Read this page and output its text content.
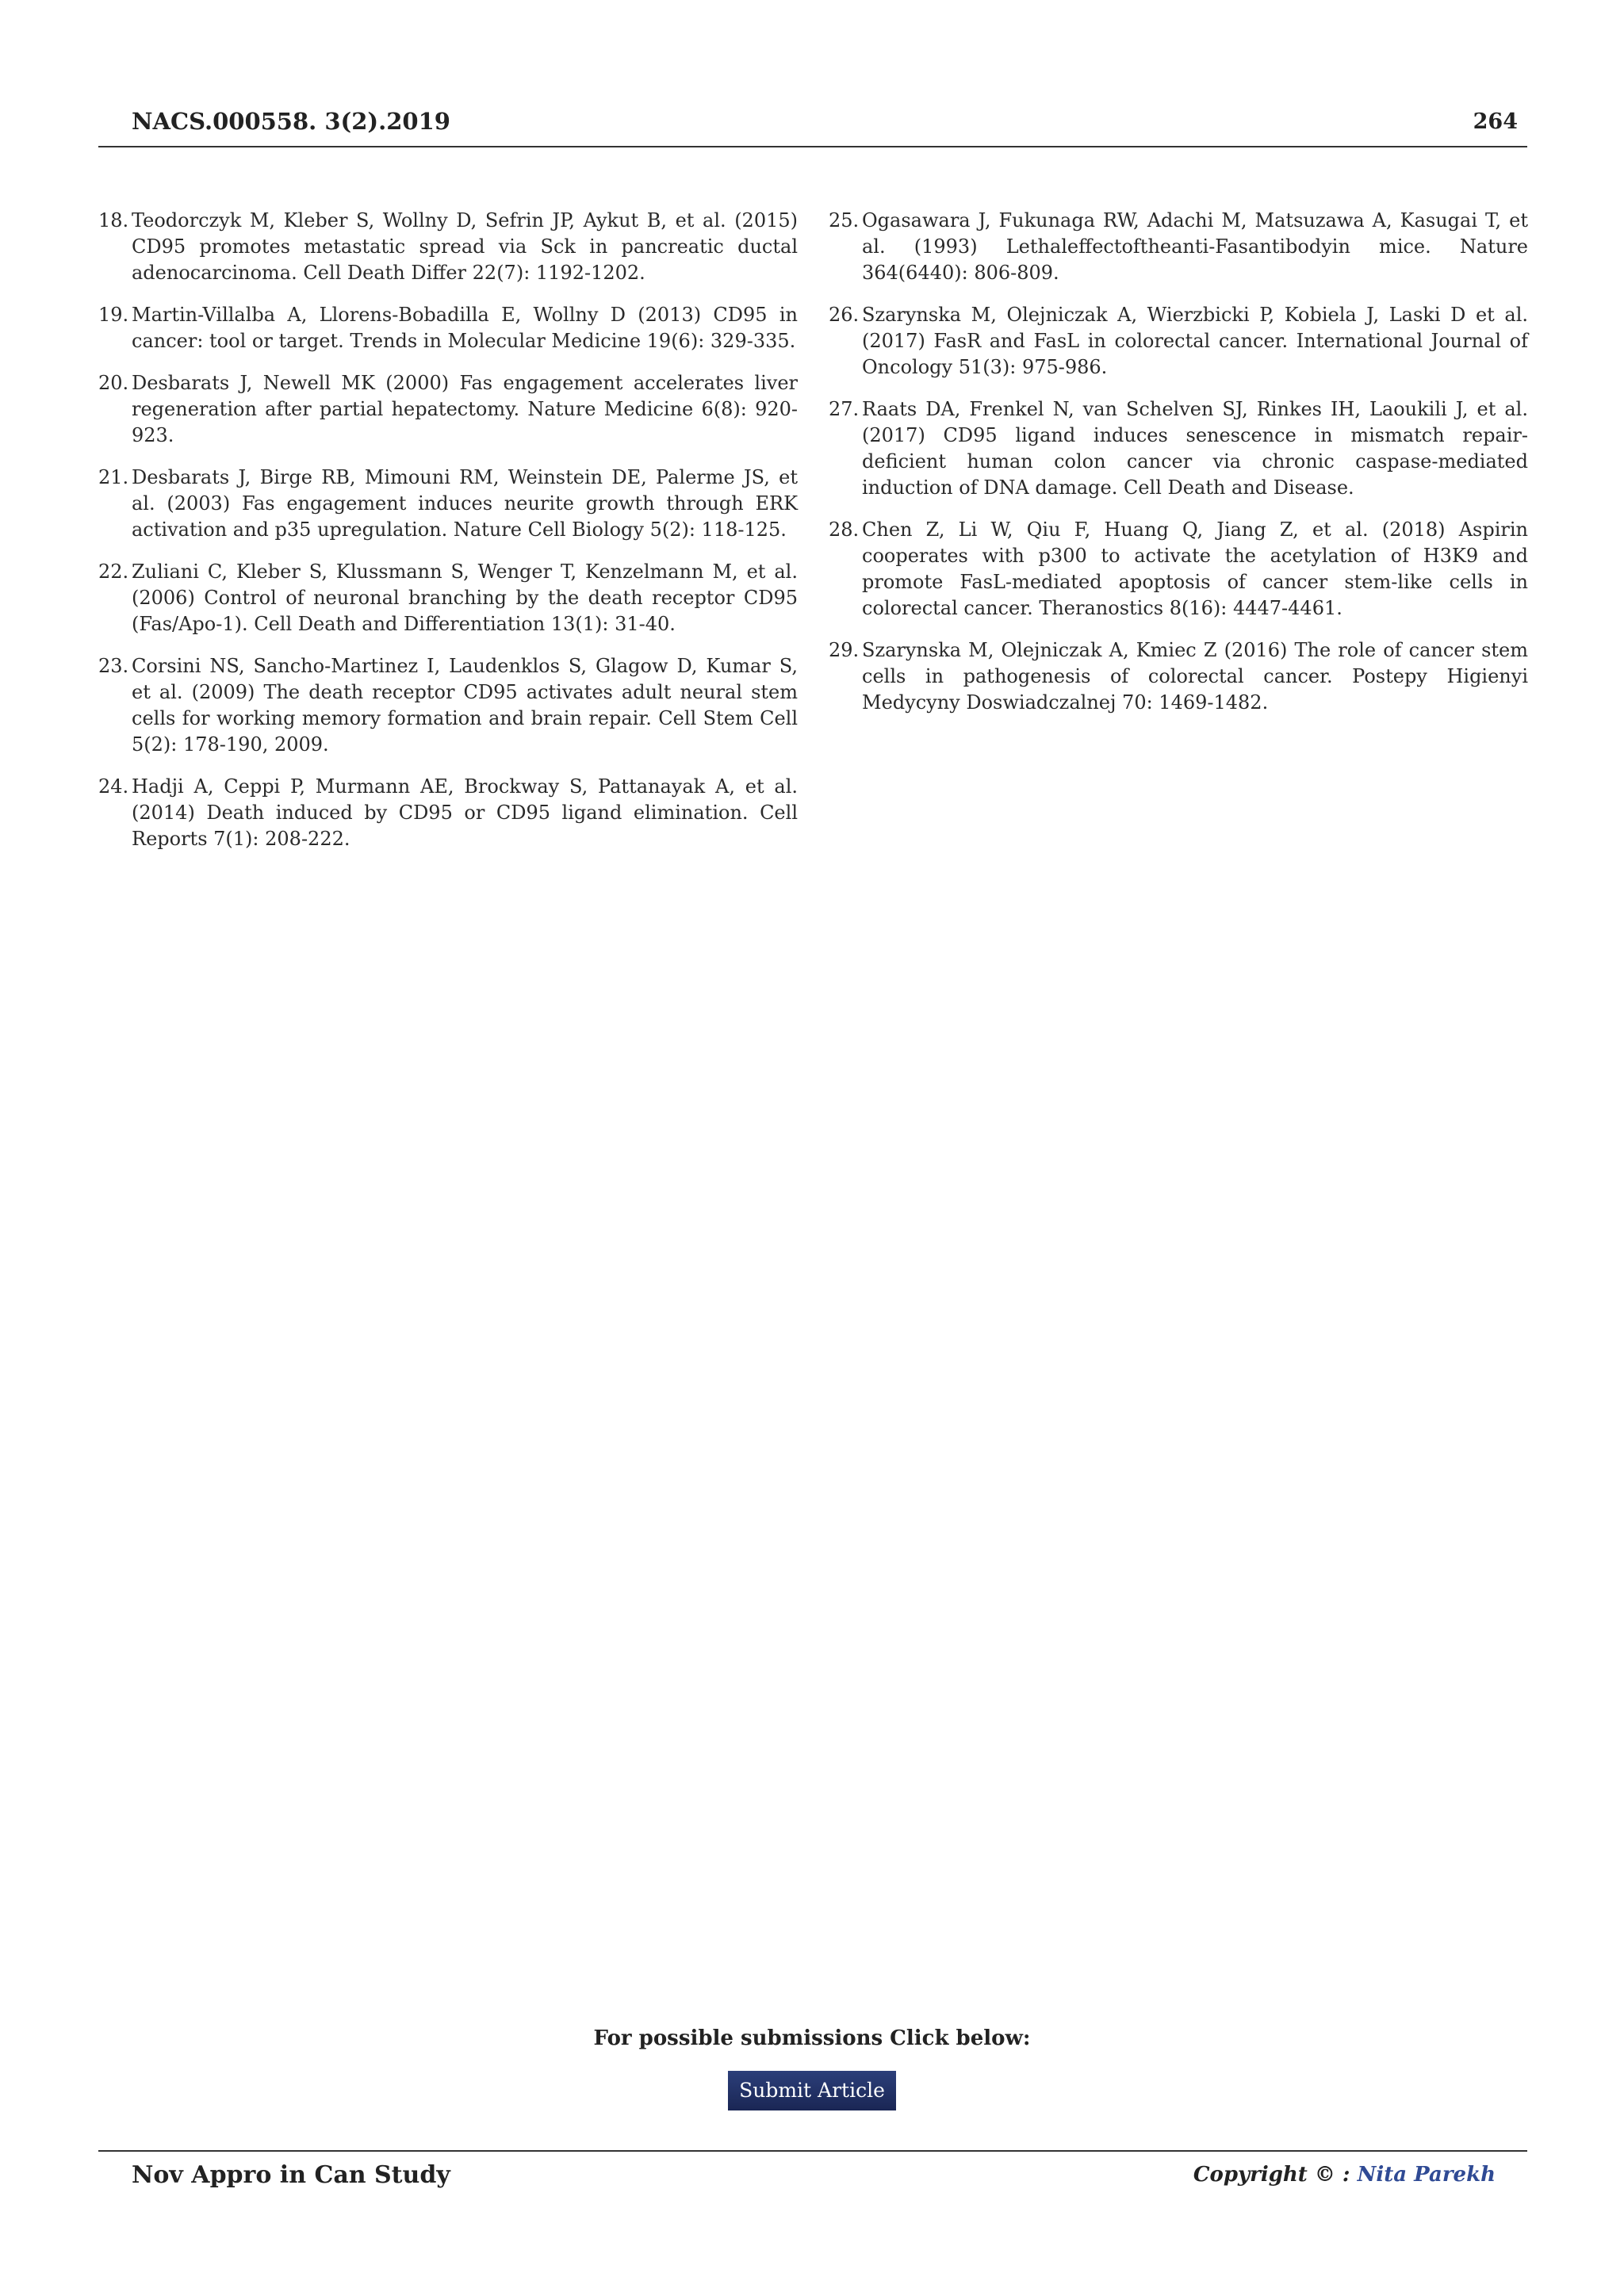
NACS.000558. 3(2).2019	264
18. Teodorczyk M, Kleber S, Wollny D, Sefrin JP, Aykut B, et al. (2015) CD95 promotes metastatic spread via Sck in pancreatic ductal adenocarcinoma. Cell Death Differ 22(7): 1192-1202.
19. Martin-Villalba A, Llorens-Bobadilla E, Wollny D (2013) CD95 in cancer: tool or target. Trends in Molecular Medicine 19(6): 329-335.
20. Desbarats J, Newell MK (2000) Fas engagement accelerates liver regeneration after partial hepatectomy. Nature Medicine 6(8): 920-923.
21. Desbarats J, Birge RB, Mimouni RM, Weinstein DE, Palerme JS, et al. (2003) Fas engagement induces neurite growth through ERK activation and p35 upregulation. Nature Cell Biology 5(2): 118-125.
22. Zuliani C, Kleber S, Klussmann S, Wenger T, Kenzelmann M, et al. (2006) Control of neuronal branching by the death receptor CD95 (Fas/Apo-1). Cell Death and Differentiation 13(1): 31-40.
23. Corsini NS, Sancho-Martinez I, Laudenklos S, Glagow D, Kumar S, et al. (2009) The death receptor CD95 activates adult neural stem cells for working memory formation and brain repair. Cell Stem Cell 5(2): 178-190, 2009.
24. Hadji A, Ceppi P, Murmann AE, Brockway S, Pattanayak A, et al. (2014) Death induced by CD95 or CD95 ligand elimination. Cell Reports 7(1): 208-222.
25. Ogasawara J, Fukunaga RW, Adachi M, Matsuzawa A, Kasugai T, et al. (1993) Lethaleffectoftheanti-Fasantibodyin mice. Nature 364(6440): 806-809.
26. Szarynska M, Olejniczak A, Wierzbicki P, Kobiela J, Laski D et al. (2017) FasR and FasL in colorectal cancer. International Journal of Oncology 51(3): 975-986.
27. Raats DA, Frenkel N, van Schelven SJ, Rinkes IH, Laoukili J, et al. (2017) CD95 ligand induces senescence in mismatch repair-deficient human colon cancer via chronic caspase-mediated induction of DNA damage. Cell Death and Disease.
28. Chen Z, Li W, Qiu F, Huang Q, Jiang Z, et al. (2018) Aspirin cooperates with p300 to activate the acetylation of H3K9 and promote FasL-mediated apoptosis of cancer stem-like cells in colorectal cancer. Theranostics 8(16): 4447-4461.
29. Szarynska M, Olejniczak A, Kmiec Z (2016) The role of cancer stem cells in pathogenesis of colorectal cancer. Postepy Higienyi Medycyny Doswiadczalnej 70: 1469-1482.
For possible submissions Click below:
Submit Article
Nov Appro in Can Study	Copyright © : Nita Parekh
